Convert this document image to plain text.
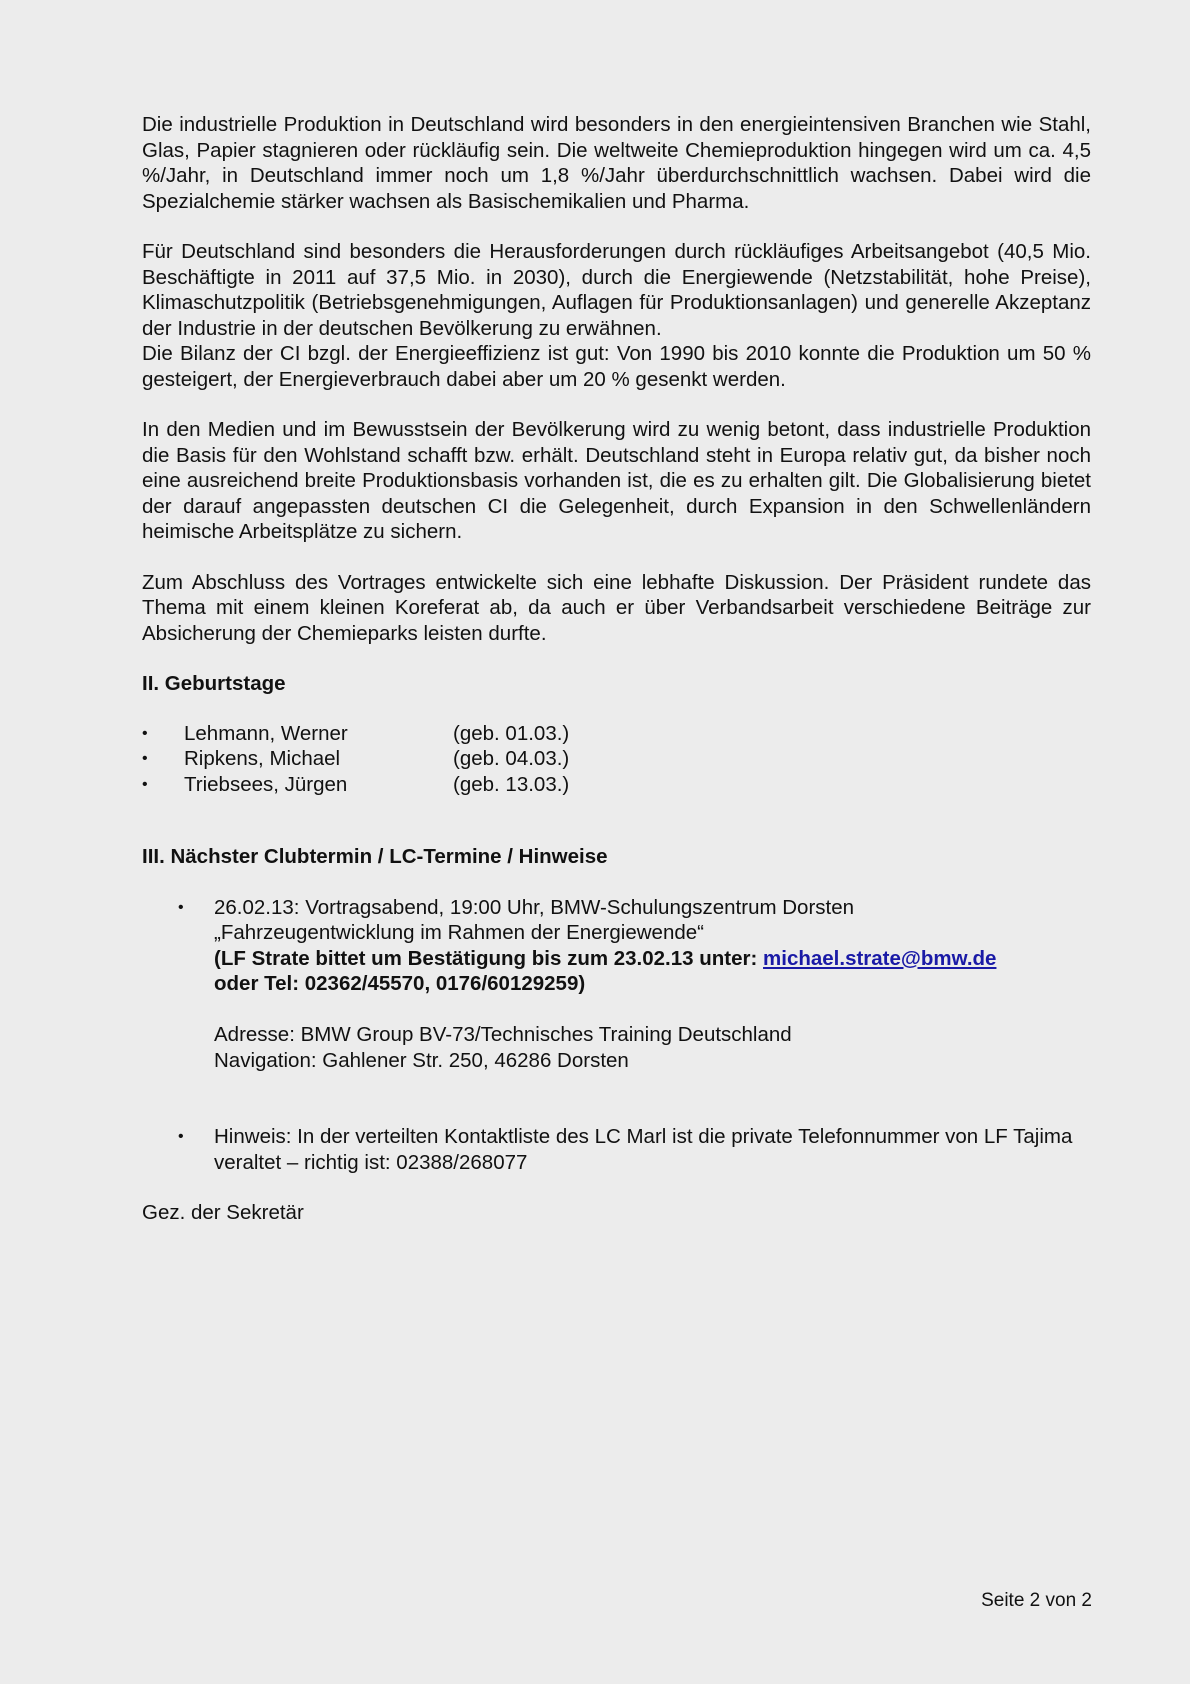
Die industrielle Produktion in Deutschland wird besonders in den energieintensiven Branchen wie Stahl, Glas, Papier stagnieren oder rückläufig sein. Die weltweite Chemieproduktion hingegen wird um ca. 4,5 %/Jahr, in Deutschland immer noch um 1,8 %/Jahr überdurchschnittlich wachsen. Dabei wird die Spezialchemie stärker wachsen als Basischemikalien und Pharma.

Für Deutschland sind besonders die Herausforderungen durch rückläufiges Arbeitsangebot (40,5 Mio. Beschäftigte in 2011 auf 37,5 Mio. in 2030), durch die Energiewende (Netzstabilität, hohe Preise), Klimaschutzpolitik (Betriebsgenehmigungen, Auflagen für Produktionsanlagen) und generelle Akzeptanz der Industrie in der deutschen Bevölkerung zu erwähnen.

Die Bilanz der CI bzgl. der Energieeffizienz ist gut: Von 1990 bis 2010 konnte die Produktion um 50 % gesteigert, der Energieverbrauch dabei aber um 20 % gesenkt werden.

In den Medien und im Bewusstsein der Bevölkerung wird zu wenig betont, dass industrielle Produktion die Basis für den Wohlstand schafft bzw. erhält. Deutschland steht in Europa relativ gut, da bisher noch eine ausreichend breite Produktionsbasis vorhanden ist, die es zu erhalten gilt. Die Globalisierung bietet der darauf angepassten deutschen CI die Gelegenheit, durch Expansion in den Schwellenländern heimische Arbeitsplätze zu sichern.

Zum Abschluss des Vortrages entwickelte sich eine lebhafte Diskussion. Der Präsident rundete das Thema mit einem kleinen Koreferat ab, da auch er über Verbandsarbeit verschiedene Beiträge zur Absicherung der Chemieparks leisten durfte.

II. Geburtstage
• Lehmann, Werner	(geb. 01.03.)
• Ripkens, Michael	(geb. 04.03.)
• Triebsees, Jürgen	(geb. 13.03.)
III. Nächster Clubtermin / LC-Termine / Hinweise
• 26.02.13: Vortragsabend, 19:00 Uhr, BMW-Schulungszentrum Dorsten
„Fahrzeugentwicklung im Rahmen der Energiewende“
(LF Strate bittet um Bestätigung bis zum 23.02.13 unter: michael.strate@bmw.de
oder Tel: 02362/45570, 0176/60129259)
Adresse: BMW Group BV-73/Technisches Training Deutschland
Navigation: Gahlener Str. 250, 46286 Dorsten
• Hinweis: In der verteilten Kontaktliste des LC Marl ist die private Telefonnummer von LF Tajima veraltet – richtig ist: 02388/268077

Gez. der Sekretär

Seite 2 von 2
